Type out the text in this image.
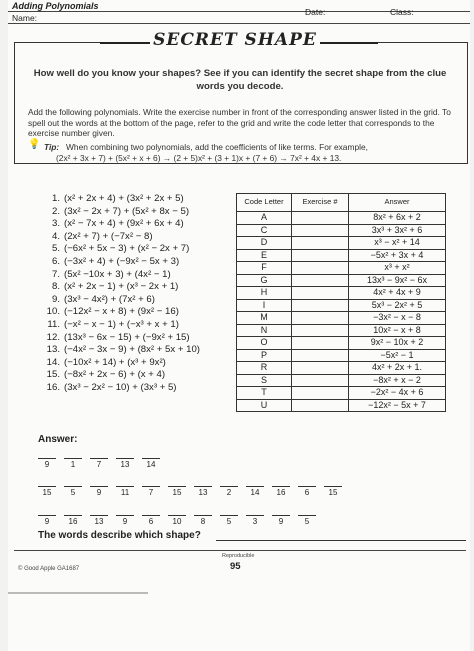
Adding Polynomials
Date:	Class:
Name:
SECRET SHAPE
How well do you know your shapes? See if you can identify the secret shape from the clue words you decode.
Add the following polynomials. Write the exercise number in front of the corresponding answer listed in the grid. To spell out the words at the bottom of the page, refer to the grid and write the code letter that corresponds to the exercise number given.
💡 Tip: When combining two polynomials, add the coefficients of like terms. For example,
(2x² + 3x + 7) + (5x² + x + 6) → (2 + 5)x² + (3 + 1)x + (7 + 6) → 7x² + 4x + 13.
1. (x² + 2x + 4) + (3x² + 2x + 5)
2. (3x² − 2x + 7) + (5x² + 8x − 5)
3. (x² − 7x + 4) + (9x² + 6x + 4)
4. (2x² + 7) + (−7x² − 8)
5. (−6x² + 5x − 3) + (x² − 2x + 7)
6. (−3x² + 4) + (−9x² − 5x + 3)
7. (5x² −10x + 3) + (4x² − 1)
8. (x² + 2x − 1) + (x³ − 2x + 1)
9. (3x³ − 4x²) + (7x² + 6)
10. (−12x² − x + 8) + (9x² − 16)
11. (−x² − x − 1) + (−x³ + x + 1)
12. (13x³ − 6x − 15) + (−9x² + 15)
13. (−4x² − 3x − 9) + (8x² + 5x + 10)
14. (−10x² + 14) + (x³ + 9x²)
15. (−8x² + 2x − 6) + (x + 4)
16. (3x³ − 2x² − 10) + (3x³ + 5)
Code Letter	Exercise #	Answer
A		8x² + 6x + 2
C		3x³ + 3x² + 6
D		x³ − x² + 14
E		−5x² + 3x + 4
F		x³ + x²
G		13x³ − 9x² − 6x
H		4x² + 4x + 9
I		5x³ − 2x² + 5
M		−3x² − x − 8
N		10x² − x + 8
O		9x² − 10x + 2
P		−5x² − 1
R		4x² + 2x + 1.
S		−8x² + x − 2
T		−2x² − 4x + 6
U		−12x² − 5x + 7
Answer:
9	1	7	13	14
15	5	9	11	7	15	13	2	14	16	6	15
9	16	13	9	6	10	8	5	3	9	5
The words describe which shape?
Reproducible
95
© Good Apple GA1687
